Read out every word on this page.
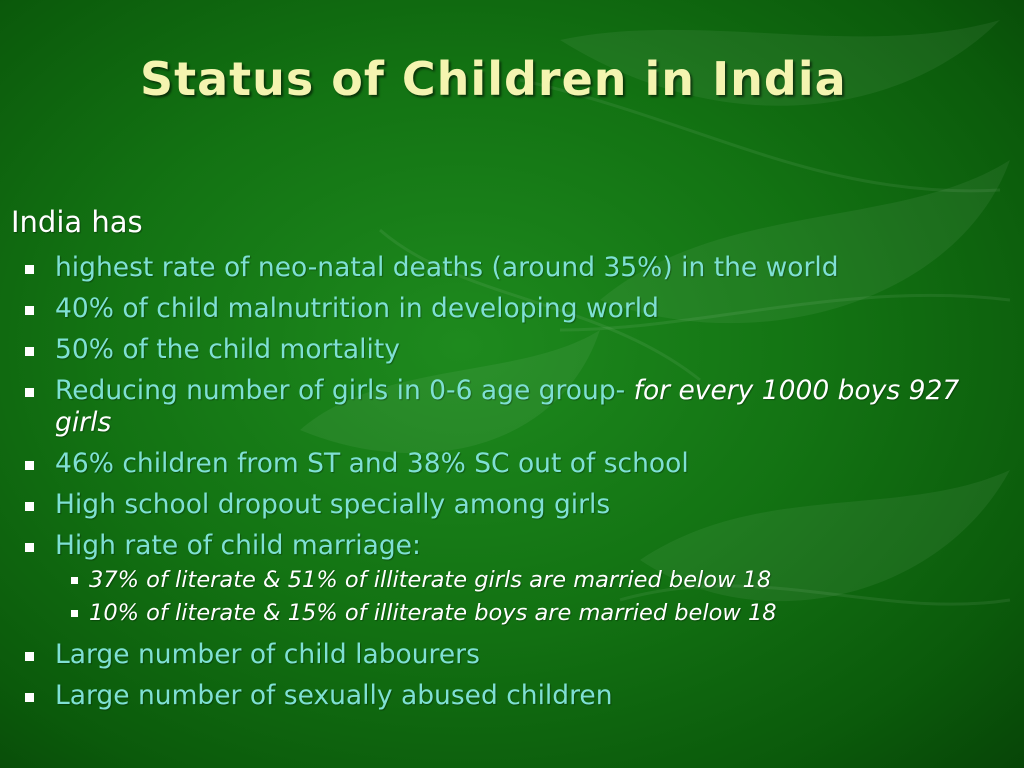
Status of Children in India
India has
highest rate of neo-natal deaths (around 35%) in the world
40% of child malnutrition in developing world
50% of the child mortality
Reducing number of girls in 0-6 age group- for every 1000 boys 927 girls
46% children from ST and 38% SC out of school
High school dropout specially among girls
High rate of child marriage:
37% of literate & 51% of illiterate girls are married below 18
10% of literate & 15% of illiterate boys are married below 18
Large number of child labourers
Large number of sexually abused children
